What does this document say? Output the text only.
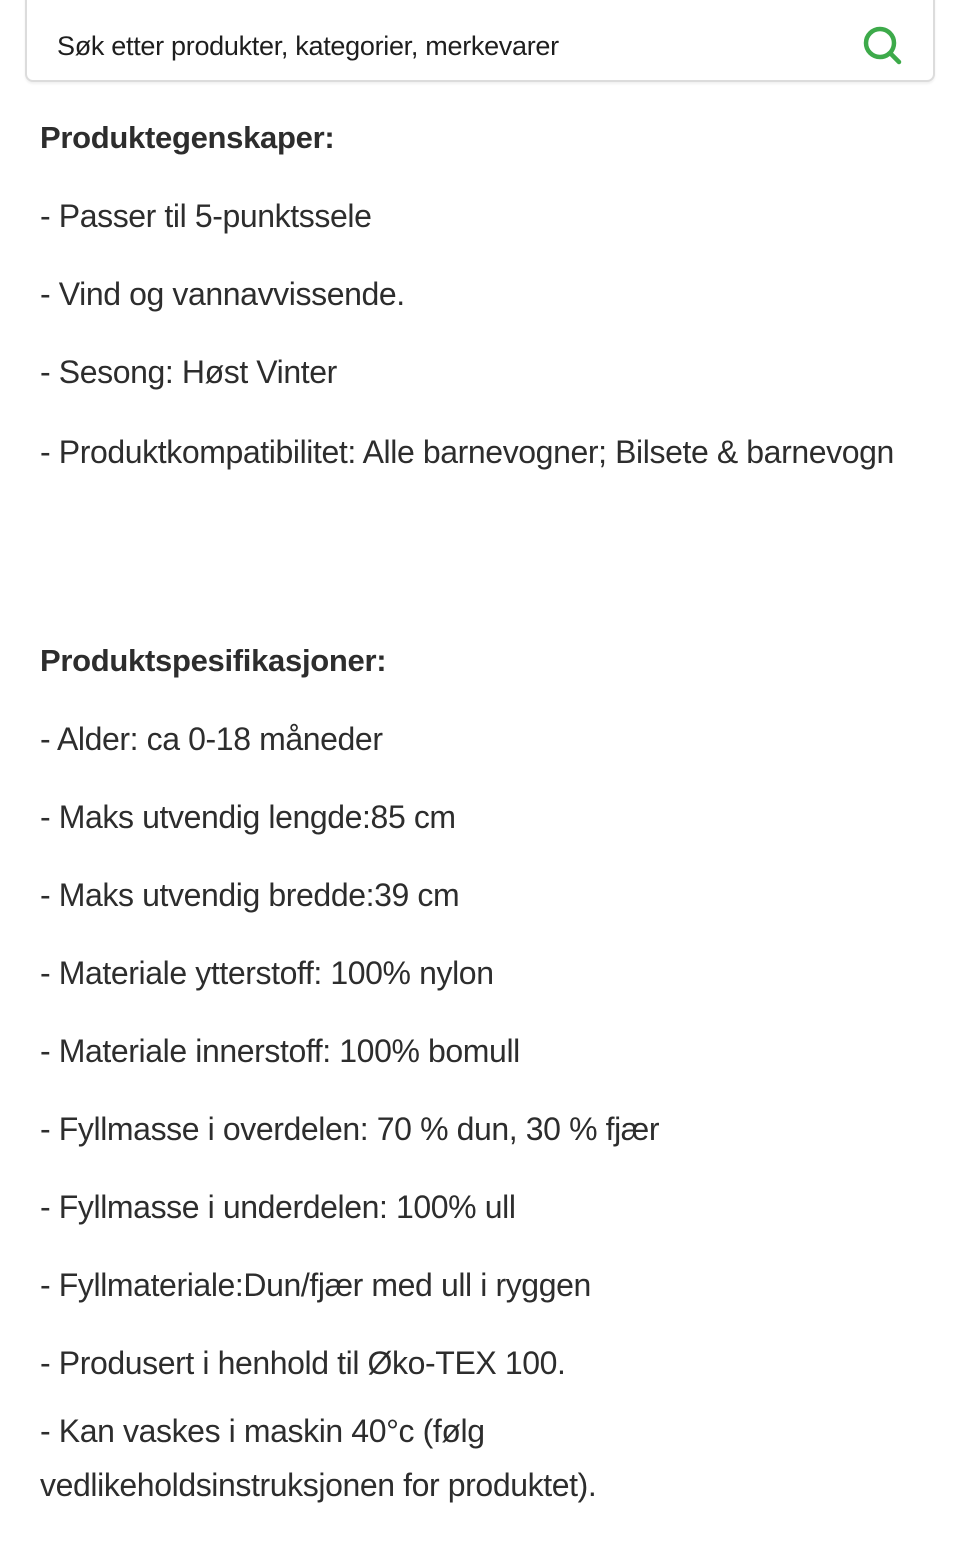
Søk etter produkter, kategorier, merkevarer
Produktegenskaper:
- Passer til 5-punktssele
- Vind og vannavvissende.
- Sesong: Høst Vinter
- Produktkompatibilitet: Alle barnevogner; Bilsete & barnevogn
Produktspesifikasjoner:
- Alder: ca 0-18 måneder
- Maks utvendig lengde:85 cm
- Maks utvendig bredde:39 cm
- Materiale ytterstoff: 100% nylon
- Materiale innerstoff: 100% bomull
- Fyllmasse i overdelen: 70 % dun, 30 % fjær
- Fyllmasse i underdelen: 100% ull
- Fyllmateriale:Dun/fjær med ull i ryggen
- Produsert i henhold til Øko-TEX 100.
- Kan vaskes i maskin 40°c (følg vedlikeholdsinstruksjonen for produktet).
